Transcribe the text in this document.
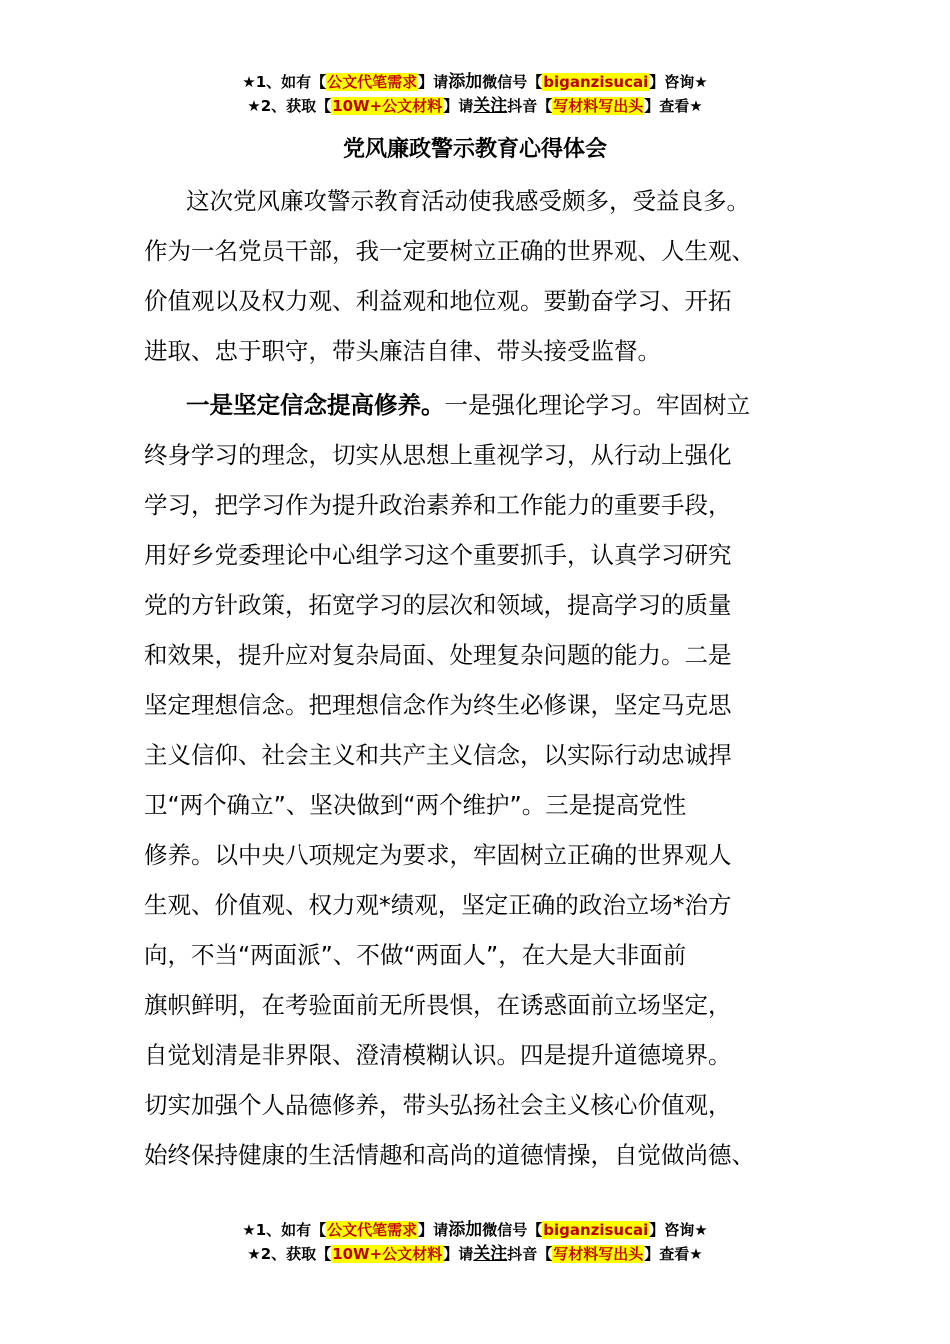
★1、如有【公文代笔需求】请添加微信号【biganzisucai】咨询★
★2、获取【10W+公文材料】请关注抖音【写材料写出头】查看★
党风廉政警示教育心得体会
这次党风廉攻警示教育活动使我感受颇多，受益良多。
作为一名党员干部，我一定要树立正确的世界观、人生观、
价值观以及权力观、利益观和地位观。要勤奋学习、开拓
进取、忠于职守，带头廉洁自律、带头接受监督。
一是坚定信念提高修养。一是强化理论学习。牢固树立
终身学习的理念，切实从思想上重视学习，从行动上强化
学习，把学习作为提升政治素养和工作能力的重要手段，
用好乡党委理论中心组学习这个重要抓手，认真学习研究
党的方针政策，拓宽学习的层次和领域，提高学习的质量
和效果，提升应对复杂局面、处理复杂问题的能力。二是
坚定理想信念。把理想信念作为终生必修课，坚定马克思
主义信仰、社会主义和共产主义信念，以实际行动忠诚捍
卫“两个确立”、坚决做到“两个维护”。三是提高党性
修养。以中央八项规定为要求，牢固树立正确的世界观人
生观、价值观、权力观*绩观，坚定正确的政治立场*治方
向，不当“两面派”、不做“两面人”，在大是大非面前
旗帜鲜明，在考验面前无所畏惧，在诱惑面前立场坚定，
自觉划清是非界限、澄清模糊认识。四是提升道德境界。
切实加强个人品德修养，带头弘扬社会主义核心价值观，
始终保持健康的生活情趣和高尚的道德情操，自觉做尚德、
★1、如有【公文代笔需求】请添加微信号【biganzisucai】咨询★
★2、获取【10W+公文材料】请关注抖音【写材料写出头】查看★
